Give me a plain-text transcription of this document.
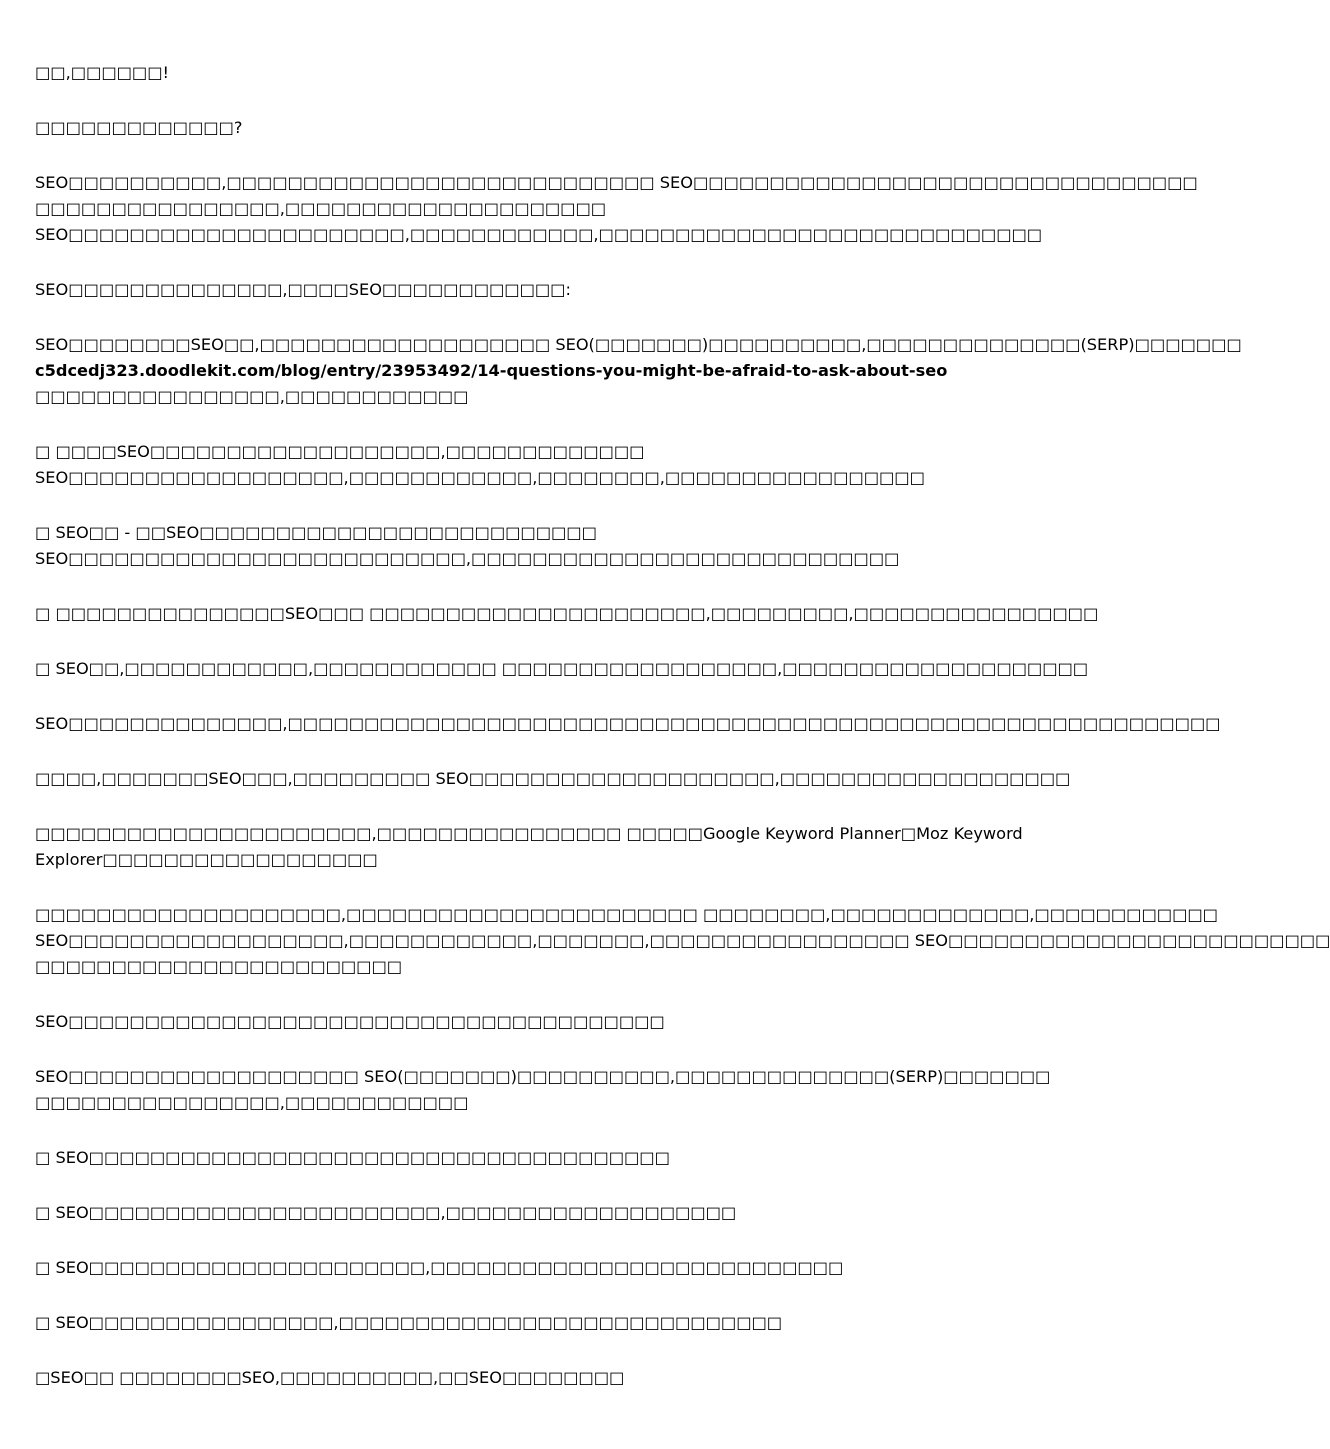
□□,□□□□□□!
□□□□□□□□□□□□□?
SEO□□□□□□□□□□,□□□□□□□□□□□□□□□□□□□□□□□□□□□□ SEO□□□□□□□□□□□□□□□□□□□□□□□□□□□□□□□□□
□□□□□□□□□□□□□□□□,□□□□□□□□□□□□□□□□□□□□□
SEO□□□□□□□□□□□□□□□□□□□□□□,□□□□□□□□□□□□,□□□□□□□□□□□□□□□□□□□□□□□□□□□□□
SEO□□□□□□□□□□□□□□,□□□□SEO□□□□□□□□□□□□:
SEO□□□□□□□□SEO□□,□□□□□□□□□□□□□□□□□□□ SEO(□□□□□□□)□□□□□□□□□□,□□□□□□□□□□□□□□(SERP)□□□□□□□
c5dcedj323.doodlekit.com/blog/entry/23953492/14-questions-you-might-be-afraid-to-ask-about-seo
□□□□□□□□□□□□□□□□,□□□□□□□□□□□□
□ □□□□SEO□□□□□□□□□□□□□□□□□□□,□□□□□□□□□□□□□
SEO□□□□□□□□□□□□□□□□□□,□□□□□□□□□□□□,□□□□□□□□,□□□□□□□□□□□□□□□□□
□ SEO□□ - □□SEO□□□□□□□□□□□□□□□□□□□□□□□□□□
SEO□□□□□□□□□□□□□□□□□□□□□□□□□□,□□□□□□□□□□□□□□□□□□□□□□□□□□□□
□ □□□□□□□□□□□□□□□SEO□□□ □□□□□□□□□□□□□□□□□□□□□□,□□□□□□□□□,□□□□□□□□□□□□□□□□
□ SEO□□,□□□□□□□□□□□□,□□□□□□□□□□□□ □□□□□□□□□□□□□□□□□□,□□□□□□□□□□□□□□□□□□□□
SEO□□□□□□□□□□□□□□,□□□□□□□□□□□□□□□□□□□□□□□□□□□□□□□□□□□□□□□□□□□□□□□□□□□□□□□□□□□□□
□□□□,□□□□□□□SEO□□□,□□□□□□□□□ SEO□□□□□□□□□□□□□□□□□□□□,□□□□□□□□□□□□□□□□□□□
□□□□□□□□□□□□□□□□□□□□□□,□□□□□□□□□□□□□□□□ □□□□□Google Keyword Planner□Moz Keyword
Explorer□□□□□□□□□□□□□□□□□□
□□□□□□□□□□□□□□□□□□□□,□□□□□□□□□□□□□□□□□□□□□□□ □□□□□□□□,□□□□□□□□□□□□□,□□□□□□□□□□□□
SEO□□□□□□□□□□□□□□□□□□,□□□□□□□□□□□□,□□□□□□□,□□□□□□□□□□□□□□□□□ SEO□□□□□□□□□□□□□□□□□□□□□□□□□
□□□□□□□□□□□□□□□□□□□□□□□□
SEO□□□□□□□□□□□□□□□□□□□□□□□□□□□□□□□□□□□□□□□
SEO□□□□□□□□□□□□□□□□□□□ SEO(□□□□□□□)□□□□□□□□□□,□□□□□□□□□□□□□□(SERP)□□□□□□□
□□□□□□□□□□□□□□□□,□□□□□□□□□□□□
□ SEO□□□□□□□□□□□□□□□□□□□□□□□□□□□□□□□□□□□□□□
□ SEO□□□□□□□□□□□□□□□□□□□□□□□,□□□□□□□□□□□□□□□□□□□
□ SEO□□□□□□□□□□□□□□□□□□□□□□,□□□□□□□□□□□□□□□□□□□□□□□□□□□
□ SEO□□□□□□□□□□□□□□□□,□□□□□□□□□□□□□□□□□□□□□□□□□□□□□
□SEO□□ □□□□□□□□SEO,□□□□□□□□□□,□□SEO□□□□□□□□
